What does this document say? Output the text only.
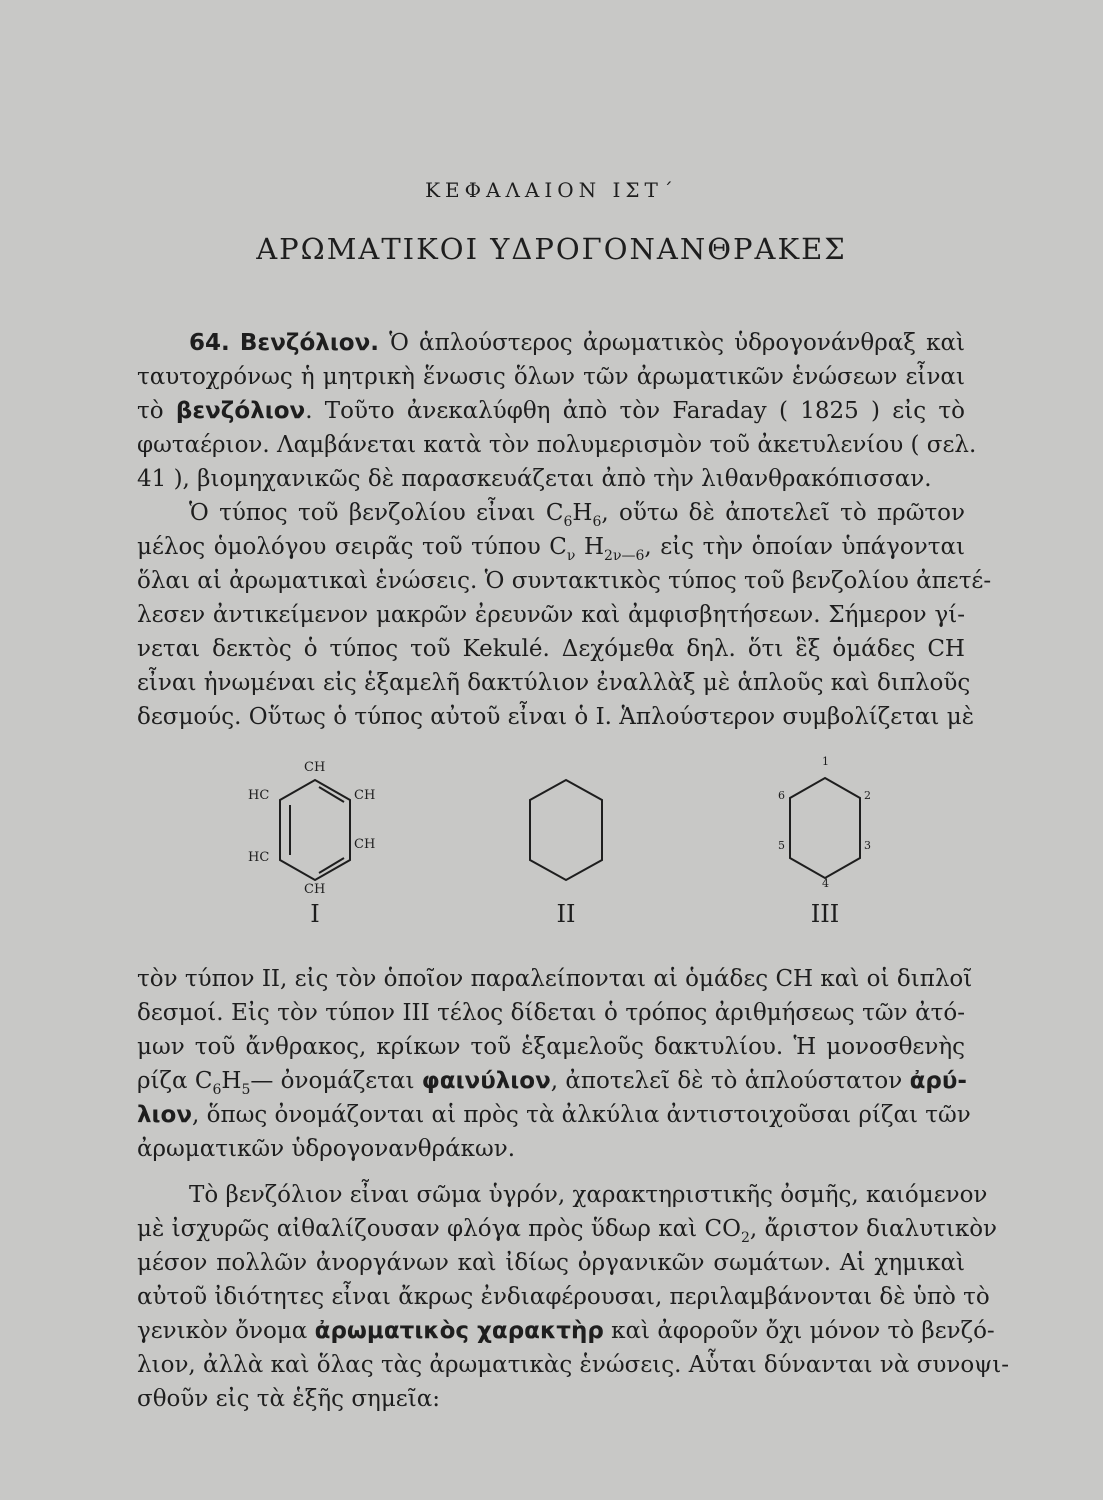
ΚΕΦΑΛΑΙΟΝ ΙΣΤ΄
ΑΡΩΜΑΤΙΚΟΙ ΥΔΡΟΓΟΝΑΝΘΡΑΚΕΣ
64. Βενζόλιον. Ὁ ἁπλούστερος ἀρωματικὸς ὑδρογονάνθραξ καὶ
ταυτοχρόνως ἡ μητρικὴ ἕνωσις ὅλων τῶν ἀρωματικῶν ἑνώσεων εἶναι
τὸ βενζόλιον. Τοῦτο ἀνεκαλύφθη ἀπὸ τὸν Faraday ( 1825 ) εἰς τὸ
φωταέριον. Λαμβάνεται κατὰ τὸν πολυμερισμὸν τοῦ ἀκετυλενίου ( σελ.
41 ), βιομηχανικῶς δὲ παρασκευάζεται ἀπὸ τὴν λιθανθρακόπισσαν.
Ὁ τύπος τοῦ βενζολίου εἶναι $C_6H_6$, οὕτω δὲ ἀποτελεῖ τὸ πρῶτον
μέλος ὁμολόγου σειρᾶς τοῦ τύπου $C_\nu$ $H_{2\nu—6}$, εἰς τὴν ὁποίαν ὑπάγονται
ὅλαι αἱ ἀρωματικαὶ ἑνώσεις. Ὁ συντακτικὸς τύπος τοῦ βενζολίου ἀπετέ-
λεσεν ἀντικείμενον μακρῶν ἐρευνῶν καὶ ἀμφισβητήσεων. Σήμερον γί-
νεται δεκτὸς ὁ τύπος τοῦ Kekulé. Δεχόμεθα δηλ. ὅτι ἓξ ὁμάδες CH
εἶναι ἡνωμέναι εἰς ἑξαμελῆ δακτύλιον ἐναλλὰξ μὲ ἁπλοῦς καὶ διπλοῦς
δεσμούς. Οὕτως ὁ τύπος αὐτοῦ εἶναι ὁ I. Ἁπλούστερον συμβολίζεται μὲ
CH
HC	CH
HC
CH
CH
1
2
3
4
5
6
I	II	III
τὸν τύπον II, εἰς τὸν ὁποῖον παραλείπονται αἱ ὁμάδες CH καὶ οἱ διπλοῖ
δεσμοί. Εἰς τὸν τύπον III τέλος δίδεται ὁ τρόπος ἀριθμήσεως τῶν ἀτό-
μων τοῦ ἄνθρακος, κρίκων τοῦ ἑξαμελοῦς δακτυλίου. Ἡ μονοσθενὴς
ρίζα $C_6H_5—$ ὀνομάζεται φαινύλιον, ἀποτελεῖ δὲ τὸ ἁπλούστατον ἀρύ-
λιον, ὅπως ὀνομάζονται αἱ πρὸς τὰ ἀλκύλια ἀντιστοιχοῦσαι ρίζαι τῶν
ἀρωματικῶν ὑδρογονανθράκων.
Τὸ βενζόλιον εἶναι σῶμα ὑγρόν, χαρακτηριστικῆς ὀσμῆς, καιόμενον
μὲ ἰσχυρῶς αἰθαλίζουσαν φλόγα πρὸς ὕδωρ καὶ $CO_2$, ἄριστον διαλυτικὸν
μέσον πολλῶν ἀνοργάνων καὶ ἰδίως ὀργανικῶν σωμάτων. Αἱ χημικαὶ
αὐτοῦ ἰδιότητες εἶναι ἄκρως ἐνδιαφέρουσαι, περιλαμβάνονται δὲ ὑπὸ τὸ
γενικὸν ὄνομα ἀρωματικὸς χαρακτὴρ καὶ ἀφοροῦν ὄχι μόνον τὸ βενζό-
λιον, ἀλλὰ καὶ ὅλας τὰς ἀρωματικὰς ἑνώσεις. Αὗται δύνανται νὰ συνοψι-
σθοῦν εἰς τὰ ἑξῆς σημεῖα:
